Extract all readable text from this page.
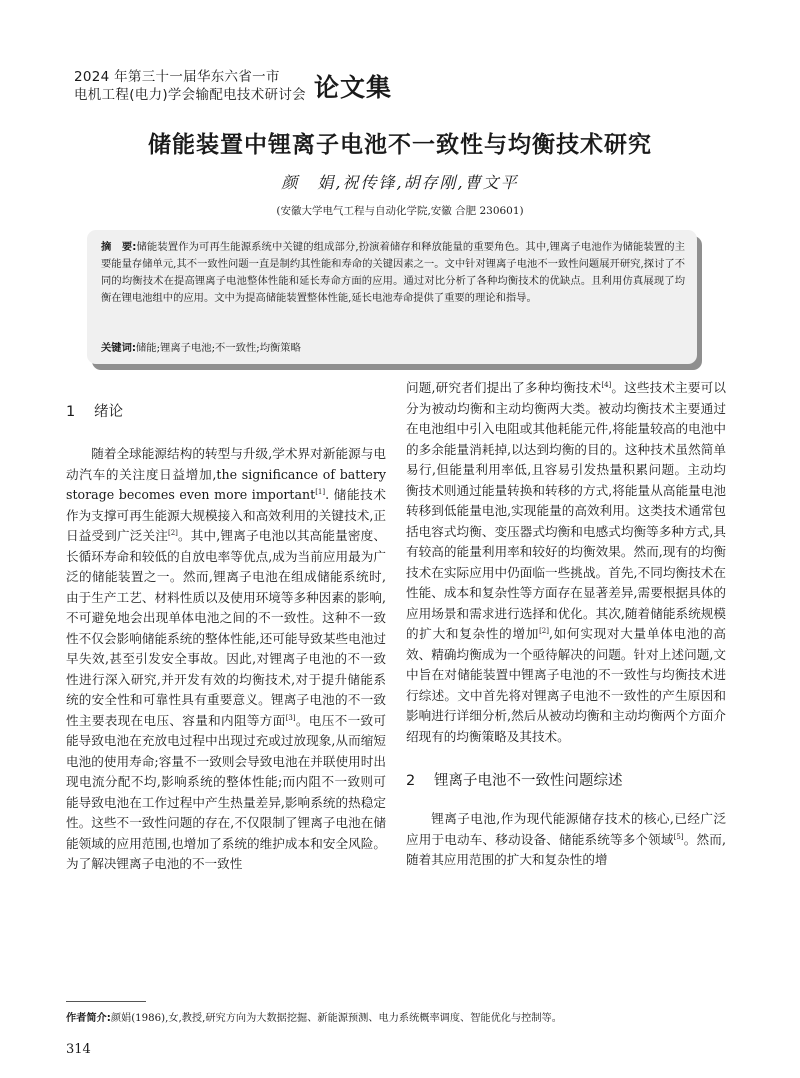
2024 年第三十一届华东六省一市
电机工程(电力)学会输配电技术研讨会 论文集
储能装置中锂离子电池不一致性与均衡技术研究
颜　娟,祝传锋,胡存刚,曹文平
(安徽大学电气工程与自动化学院,安徽 合肥 230601)
摘　要:储能装置作为可再生能源系统中关键的组成部分,扮演着储存和释放能量的重要角色。其中,锂离子电池作为储能装置的主要能量存储单元,其不一致性问题一直是制约其性能和寿命的关键因素之一。文中针对锂离子电池不一致性问题展开研究,探讨了不同的均衡技术在提高锂离子电池整体性能和延长寿命方面的应用。通过对比分析了各种均衡技术的优缺点。且利用仿真展现了均衡在锂电池组中的应用。文中为提高储能装置整体性能,延长电池寿命提供了重要的理论和指导。
关键词:储能;锂离子电池;不一致性;均衡策略
1 绪论

随着全球能源结构的转型与升级,学术界对新能源与电动汽车的关注度日益增加,the significance of battery storage becomes even more important[1]. 储能技术作为支撑可再生能源大规模接入和高效利用的关键技术,正日益受到广泛关注[2]。其中,锂离子电池以其高能量密度、长循环寿命和较低的自放电率等优点,成为当前应用最为广泛的储能装置之一。然而,锂离子电池在组成储能系统时,由于生产工艺、材料性质以及使用环境等多种因素的影响,不可避免地会出现单体电池之间的不一致性。这种不一致性不仅会影响储能系统的整体性能,还可能导致某些电池过早失效,甚至引发安全事故。因此,对锂离子电池的不一致性进行深入研究,并开发有效的均衡技术,对于提升储能系统的安全性和可靠性具有重要意义。锂离子电池的不一致性主要表现在电压、容量和内阻等方面[3]。电压不一致可能导致电池在充放电过程中出现过充或过放现象,从而缩短电池的使用寿命;容量不一致则会导致电池在并联使用时出现电流分配不均,影响系统的整体性能;而内阻不一致则可能导致电池在工作过程中产生热量差异,影响系统的热稳定性。这些不一致性问题的存在,不仅限制了锂离子电池在储能领域的应用范围,也增加了系统的维护成本和安全风险。为了解决锂离子电池的不一致性

问题,研究者们提出了多种均衡技术[4]。这些技术主要可以分为被动均衡和主动均衡两大类。被动均衡技术主要通过在电池组中引入电阻或其他耗能元件,将能量较高的电池中的多余能量消耗掉,以达到均衡的目的。这种技术虽然简单易行,但能量利用率低,且容易引发热量积累问题。主动均衡技术则通过能量转换和转移的方式,将能量从高能量电池转移到低能量电池,实现能量的高效利用。这类技术通常包括电容式均衡、变压器式均衡和电感式均衡等多种方式,具有较高的能量利用率和较好的均衡效果。然而,现有的均衡技术在实际应用中仍面临一些挑战。首先,不同均衡技术在性能、成本和复杂性等方面存在显著差异,需要根据具体的应用场景和需求进行选择和优化。其次,随着储能系统规模的扩大和复杂性的增加[2],如何实现对大量单体电池的高效、精确均衡成为一个亟待解决的问题。针对上述问题,文中旨在对储能装置中锂离子电池的不一致性与均衡技术进行综述。文中首先将对锂离子电池不一致性的产生原因和影响进行详细分析,然后从被动均衡和主动均衡两个方面介绍现有的均衡策略及其技术。

2 锂离子电池不一致性问题综述

锂离子电池,作为现代能源储存技术的核心,已经广泛应用于电动车、移动设备、储能系统等多个领域[5]。然而,随着其应用范围的扩大和复杂性的增

作者简介:颜娟(1986),女,教授,研究方向为大数据挖掘、新能源预测、电力系统概率调度、智能优化与控制等。
314
